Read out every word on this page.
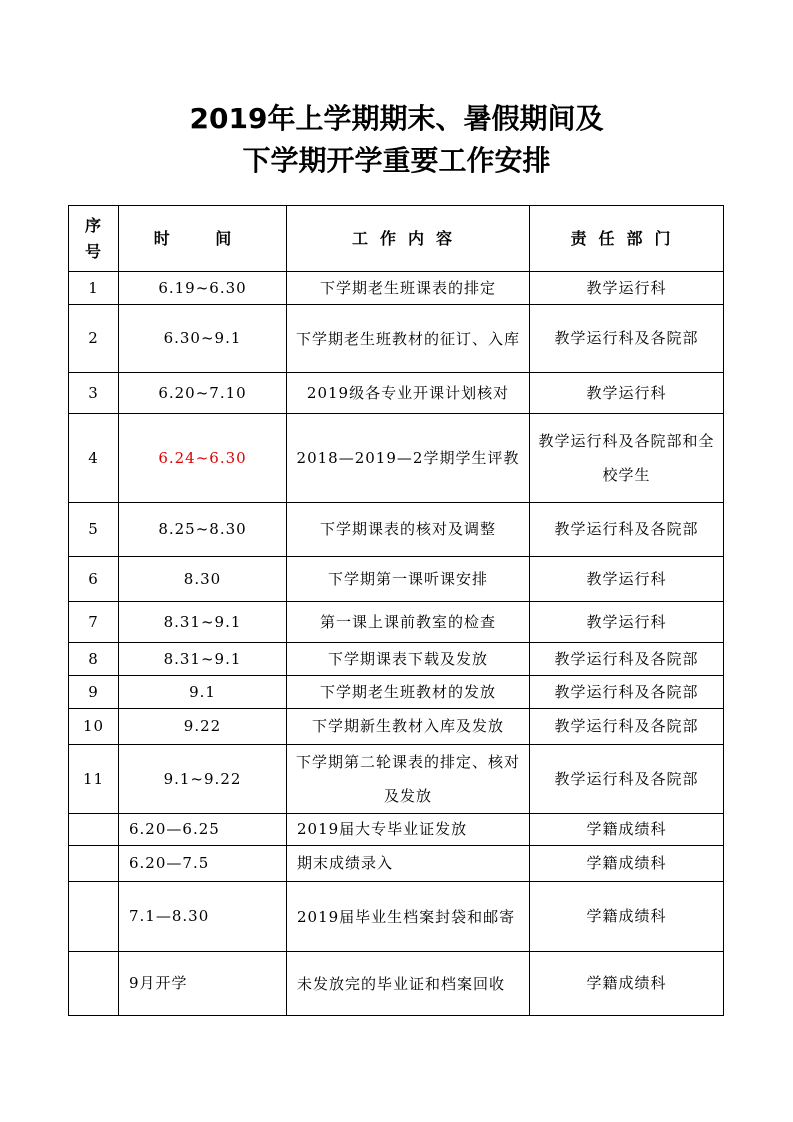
2019年上学期期末、暑假期间及
下学期开学重要工作安排
序号	时 间	工作内容	责任部门
1	6.19~6.30	下学期老生班课表的排定	教学运行科
2	6.30~9.1	下学期老生班教材的征订、入库	教学运行科及各院部
3	6.20~7.10	2019级各专业开课计划核对	教学运行科
4	6.24~6.30	2018—2019—2学期学生评教	教学运行科及各院部和全校学生
5	8.25~8.30	下学期课表的核对及调整	教学运行科及各院部
6	8.30	下学期第一课听课安排	教学运行科
7	8.31~9.1	第一课上课前教室的检查	教学运行科
8	8.31~9.1	下学期课表下载及发放	教学运行科及各院部
9	9.1	下学期老生班教材的发放	教学运行科及各院部
10	9.22	下学期新生教材入库及发放	教学运行科及各院部
11	9.1~9.22	下学期第二轮课表的排定、核对及发放	教学运行科及各院部
	6.20—6.25	2019届大专毕业证发放	学籍成绩科
	6.20—7.5	期末成绩录入	学籍成绩科
	7.1—8.30	2019届毕业生档案封袋和邮寄	学籍成绩科
	9月开学	未发放完的毕业证和档案回收	学籍成绩科
